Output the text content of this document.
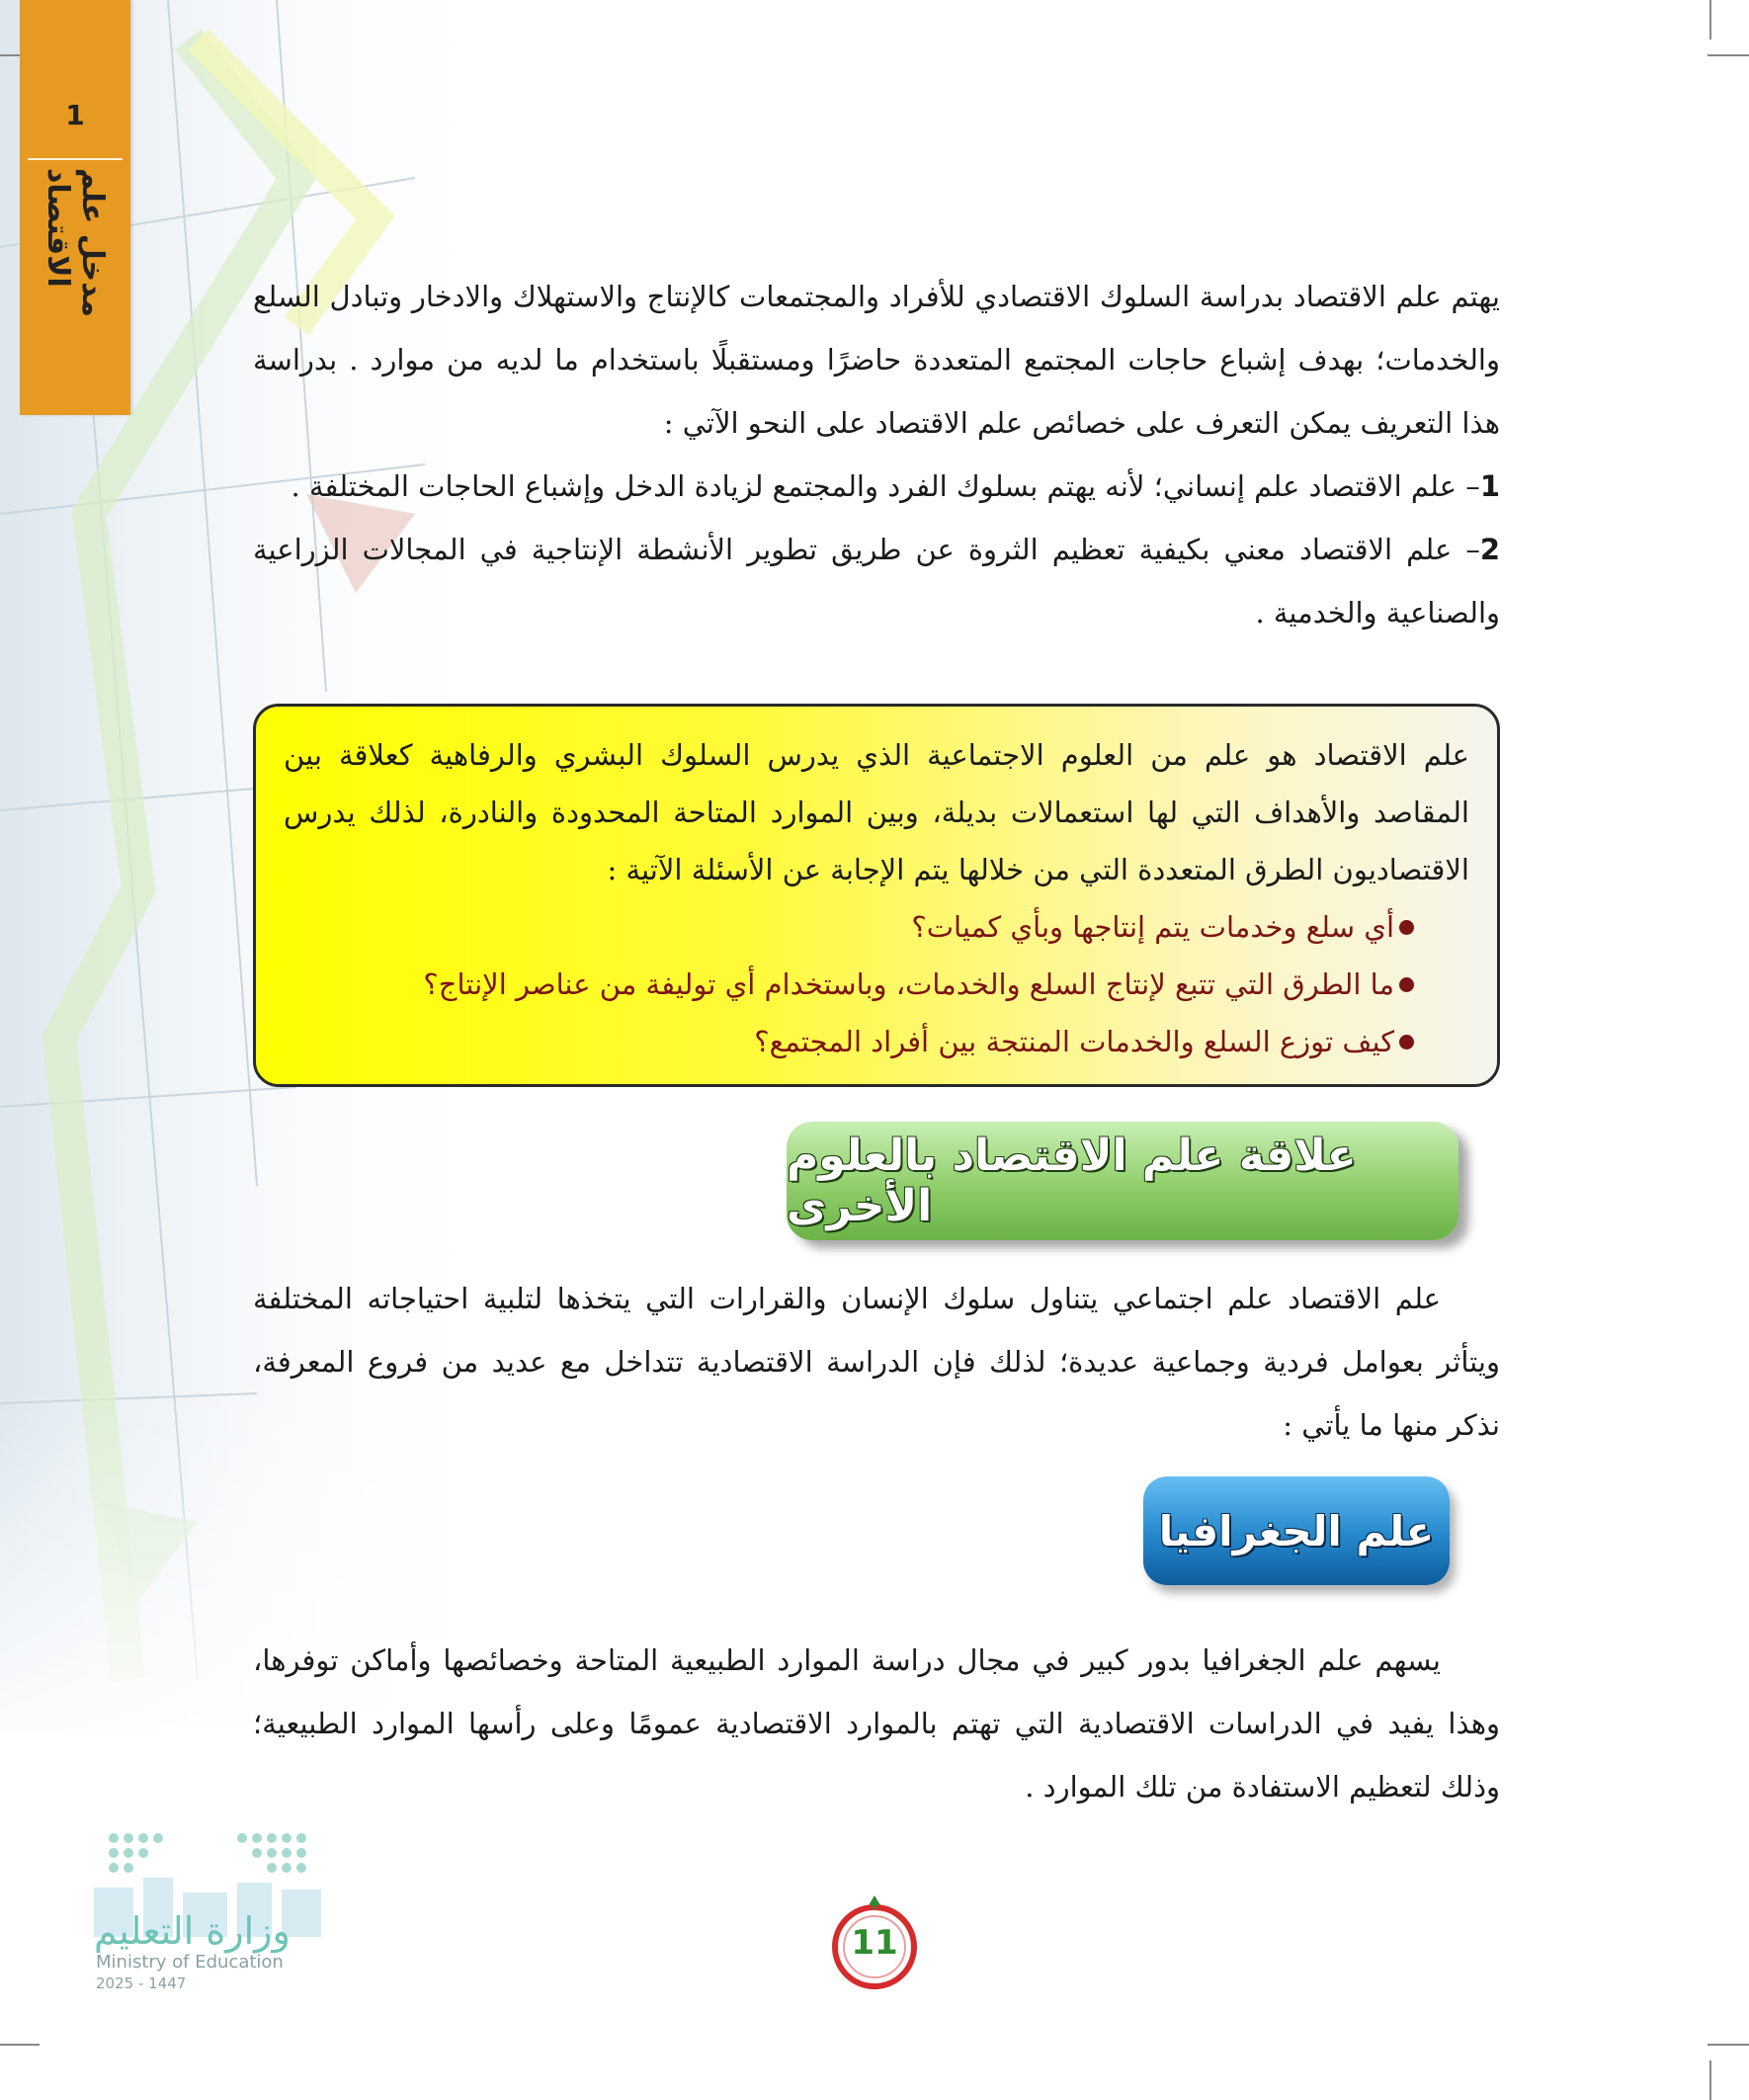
1
مدخل علم الاقتصاد

يهتم علم الاقتصاد بدراسة السلوك الاقتصادي للأفراد والمجتمعات كالإنتاج والاستهلاك والادخار وتبادل السلع والخدمات؛ بهدف إشباع حاجات المجتمع المتعددة حاضرًا ومستقبلًا باستخدام ما لديه من موارد . بدراسة هذا التعريف يمكن التعرف على خصائص علم الاقتصاد على النحو الآتي :

1– علم الاقتصاد علم إنساني؛ لأنه يهتم بسلوك الفرد والمجتمع لزيادة الدخل وإشباع الحاجات المختلفة .

2– علم الاقتصاد معني بكيفية تعظيم الثروة عن طريق تطوير الأنشطة الإنتاجية في المجالات الزراعية والصناعية والخدمية .

علم الاقتصاد هو علم من العلوم الاجتماعية الذي يدرس السلوك البشري والرفاهية كعلاقة بين المقاصد والأهداف التي لها استعمالات بديلة، وبين الموارد المتاحة المحدودة والنادرة، لذلك يدرس الاقتصاديون الطرق المتعددة التي من خلالها يتم الإجابة عن الأسئلة الآتية :

أي سلع وخدمات يتم إنتاجها وبأي كميات؟
ما الطرق التي تتبع لإنتاج السلع والخدمات، وباستخدام أي توليفة من عناصر الإنتاج؟
كيف توزع السلع والخدمات المنتجة بين أفراد المجتمع؟
علاقة علم الاقتصاد بالعلوم الأخرى

علم الاقتصاد علم اجتماعي يتناول سلوك الإنسان والقرارات التي يتخذها لتلبية احتياجاته المختلفة ويتأثر بعوامل فردية وجماعية عديدة؛ لذلك فإن الدراسة الاقتصادية تتداخل مع عديد من فروع المعرفة، نذكر منها ما يأتي :

علم الجغرافيا

يسهم علم الجغرافيا بدور كبير في مجال دراسة الموارد الطبيعية المتاحة وخصائصها وأماكن توفرها، وهذا يفيد في الدراسات الاقتصادية التي تهتم بالموارد الاقتصادية عمومًا وعلى رأسها الموارد الطبيعية؛ وذلك لتعظيم الاستفادة من تلك الموارد .

وزارة التعليم
Ministry of Education
2025 - 1447
11
